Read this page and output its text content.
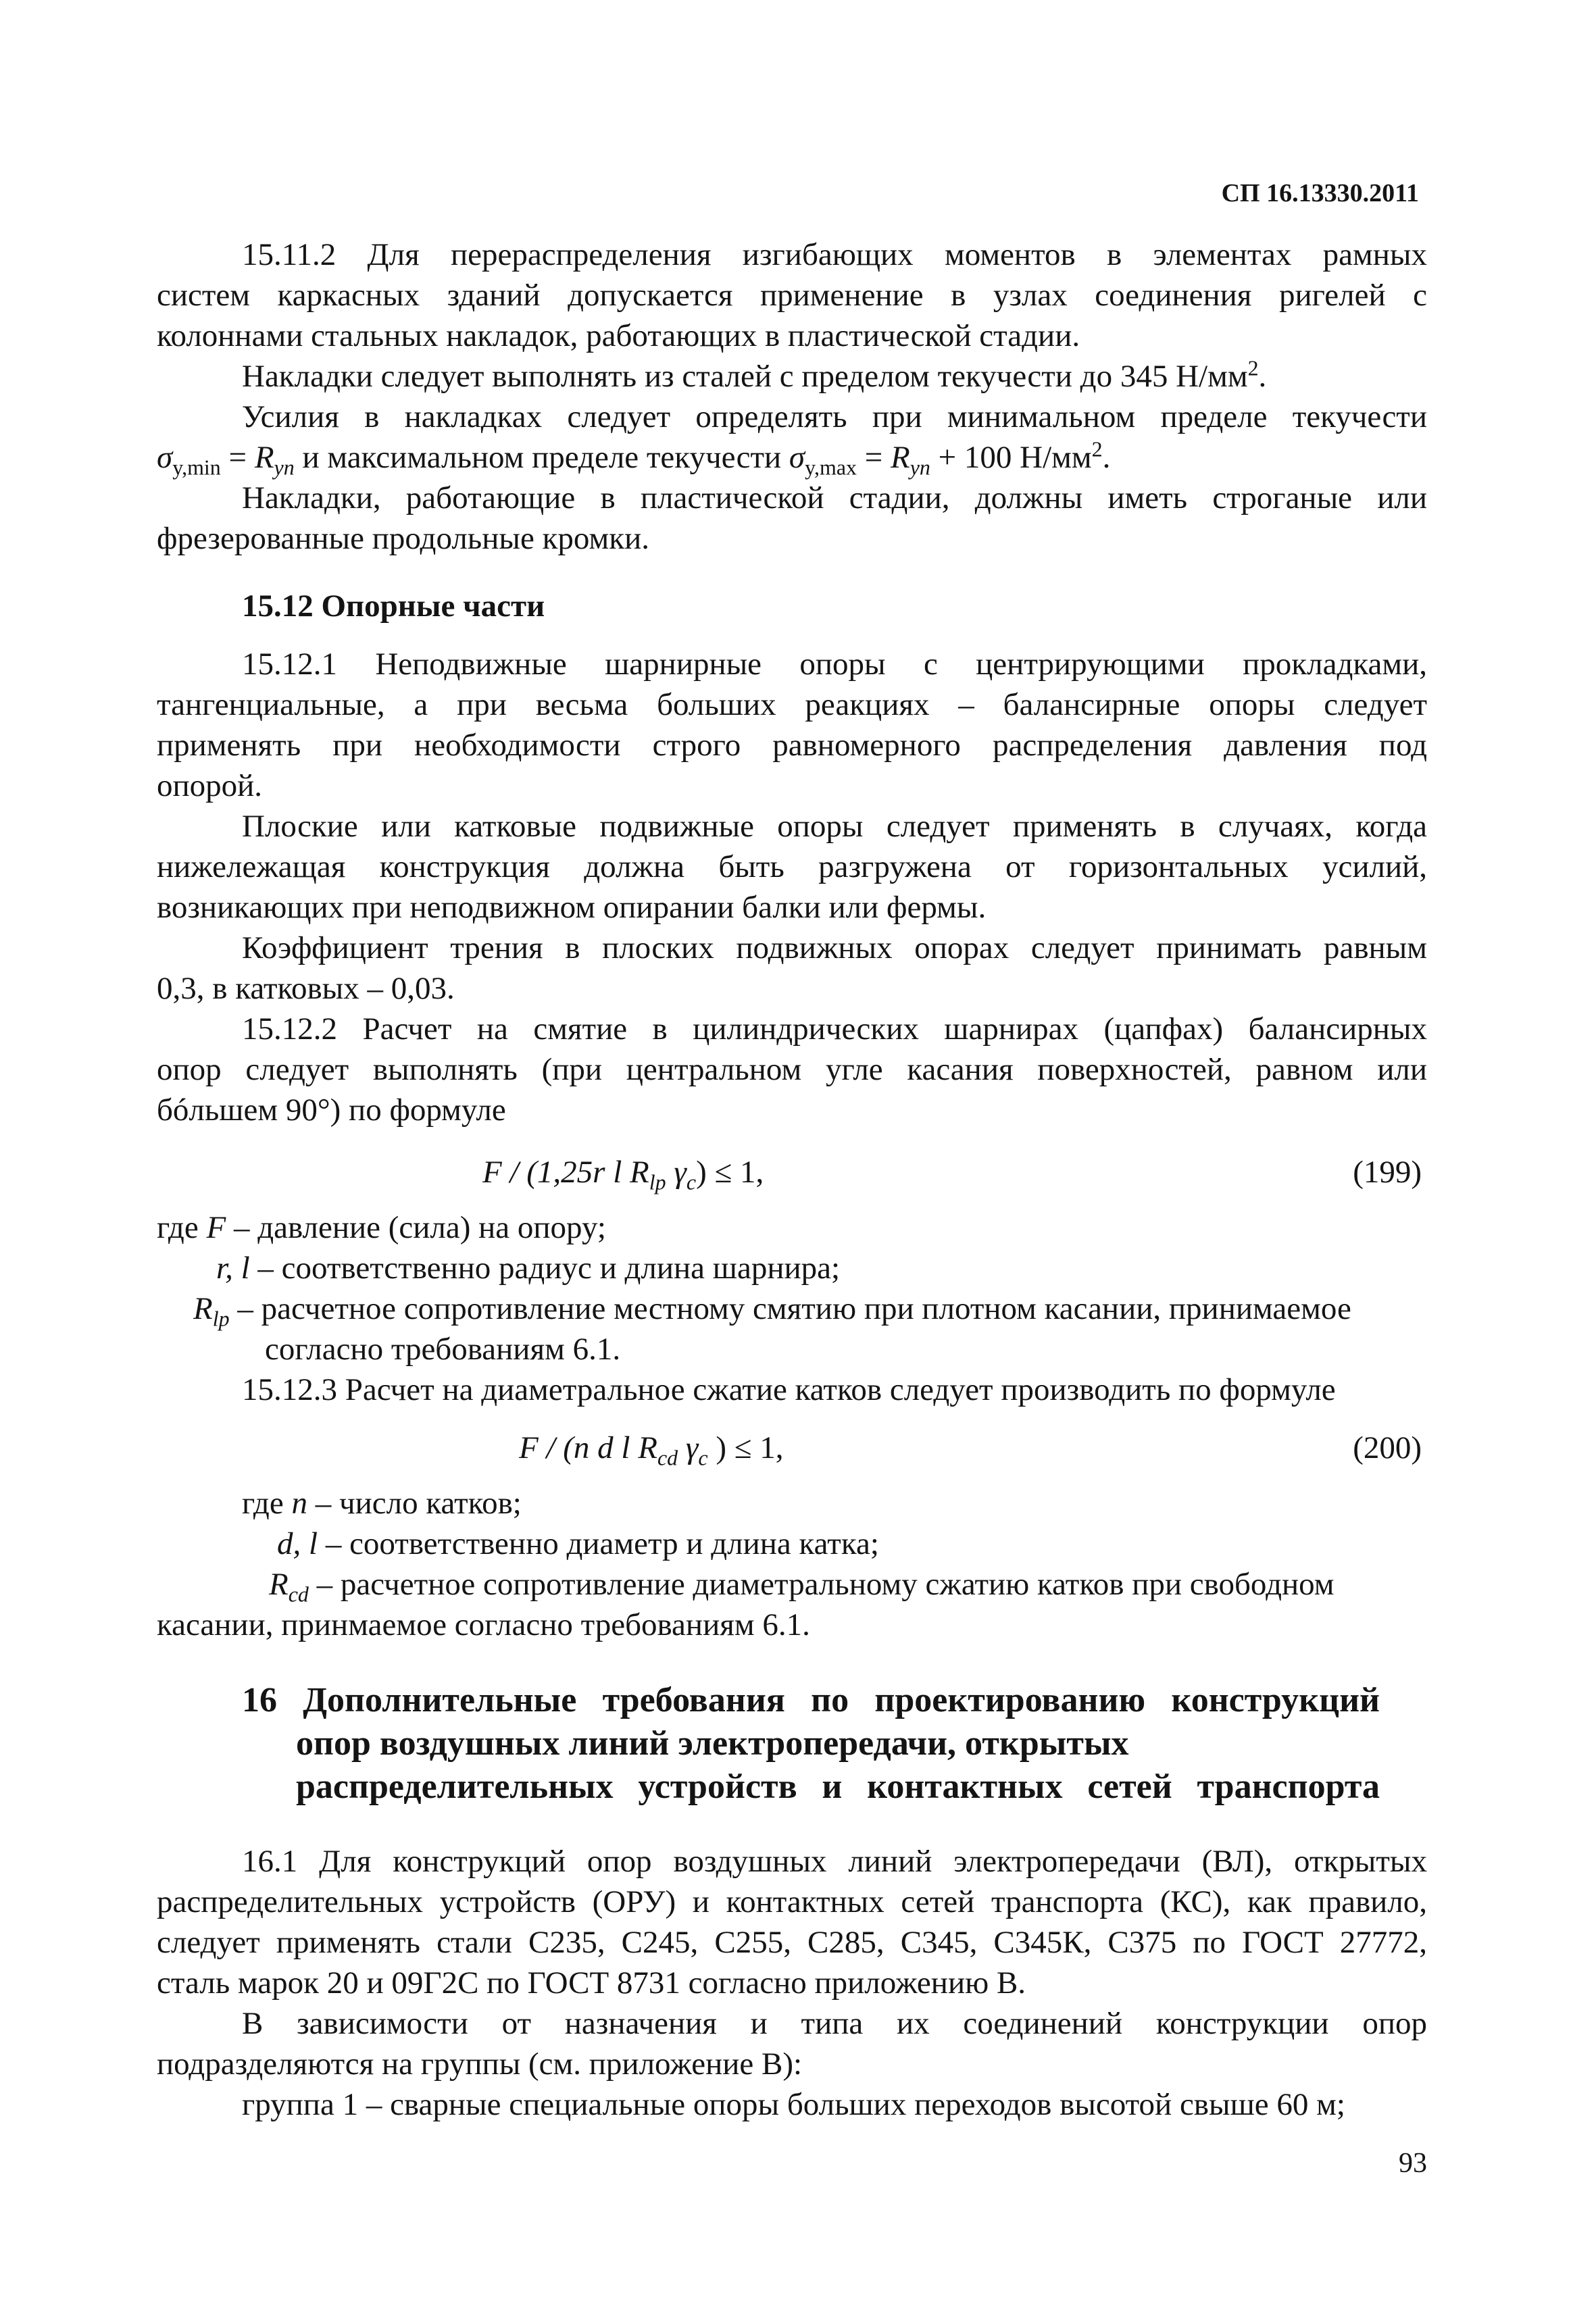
СП 16.13330.2011

15.11.2 Для перераспределения изгибающих моментов в элементах рамных

систем каркасных зданий допускается применение в узлах соединения ригелей с

колоннами стальных накладок, работающих в пластической стадии.

Накладки следует выполнять из сталей с пределом текучести до 345 $Н/мм^2$.

Усилия в накладках следует определять при минимальном пределе текучести

$\sigma_{y,min} = R_{yn}$ и максимальном пределе текучести $\sigma_{y,max} = R_{yn} + 100$ $Н/мм^2$.

Накладки, работающие в пластической стадии, должны иметь строганые или

фрезерованные продольные кромки.

15.12 Опорные части

15.12.1 Неподвижные шарнирные опоры с центрирующими прокладками,

тангенциальные, а при весьма больших реакциях – балансирные опоры следует

применять при необходимости строго равномерного распределения давления под

опорой.

Плоские или катковые подвижные опоры следует применять в случаях, когда

нижележащая конструкция должна быть разгружена от горизонтальных усилий,

возникающих при неподвижном опирании балки или фермы.

Коэффициент трения в плоских подвижных опорах следует принимать равным

0,3, в катковых – 0,03.

15.12.2 Расчет на смятие в цилиндрических шарнирах (цапфах) балансирных

опор следует выполнять (при центральном угле касания поверхностей, равном или

бóльшем 90°) по формуле

F / (1,25r l $R_{lp}$ $\gamma_c) \le 1$,	(199)

где F – давление (сила) на опору;

r, l – соответственно радиус и длина шарнира;

$R_{lp}$ – расчетное сопротивление местному смятию при плотном касании, принимаемое

согласно требованиям 6.1.

15.12.3 Расчет на диаметральное сжатие катков следует производить по формуле

F / (n d l $R_{cd}$ $\gamma_c$ ) ≤ 1,	(200)

где n – число катков;

d, l – соответственно диаметр и длина катка;

$R_{cd}$ – расчетное сопротивление диаметральному сжатию катков при свободном

касании, принмаемое согласно требованиям 6.1.

16 Дополнительные требования по проектированию конструкций

опор воздушных линий электропередачи, открытых

распределительных устройств и контактных сетей транспорта

16.1 Для конструкций опор воздушных линий электропередачи (ВЛ), открытых

распределительных устройств (ОРУ) и контактных сетей транспорта (КС), как правило,

следует применять стали С235, С245, С255, С285, С345, С345К, С375 по ГОСТ 27772,

сталь марок 20 и 09Г2С по ГОСТ 8731 согласно приложению В.

В зависимости от назначения и типа их соединений конструкции опор

подразделяются на группы (см. приложение В):

группа 1 – сварные специальные опоры больших переходов высотой свыше 60 м;

93
